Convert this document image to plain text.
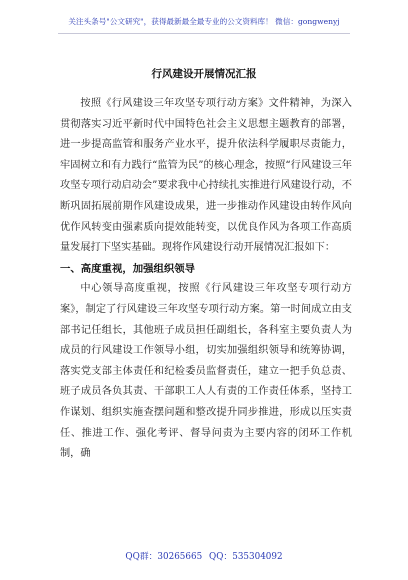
关注头条号"公文研究"，获得最新最全最专业的公文资料库！ 微信：gongwenyj
行风建设开展情况汇报

按照《行风建设三年攻坚专项行动方案》文件精神，为深入贯彻落实习近平新时代中国特色社会主义思想主题教育的部署，进一步提高监管和服务产业水平，提升依法科学履职尽责能力，牢固树立和有力践行“监管为民”的核心理念，按照“行风建设三年攻坚专项行动启动会”要求我中心持续扎实推进行风建设行动，不断巩固拓展前期作风建设成果，进一步推动作风建设由转作风向优作风转变由强素质向提效能转变，以优良作风为各项工作高质量发展打下坚实基础。现将作风建设行动开展情况汇报如下：

一、高度重视，加强组织领导

中心领导高度重视，按照《行风建设三年攻坚专项行动方案》，制定了行风建设三年攻坚专项行动方案。第一时间成立由支部书记任组长，其他班子成员担任副组长，各科室主要负责人为成员的行风建设工作领导小组，切实加强组织领导和统筹协调，落实党支部主体责任和纪检委员监督责任，建立一把手负总责、班子成员各负其责、干部职工人人有责的工作责任体系，坚持工作谋划、组织实施查摆问题和整改提升同步推进，形成以压实责任、推进工作、强化考评、督导问责为主要内容的闭环工作机制，确

QQ群：30265665 QQ：535304092
